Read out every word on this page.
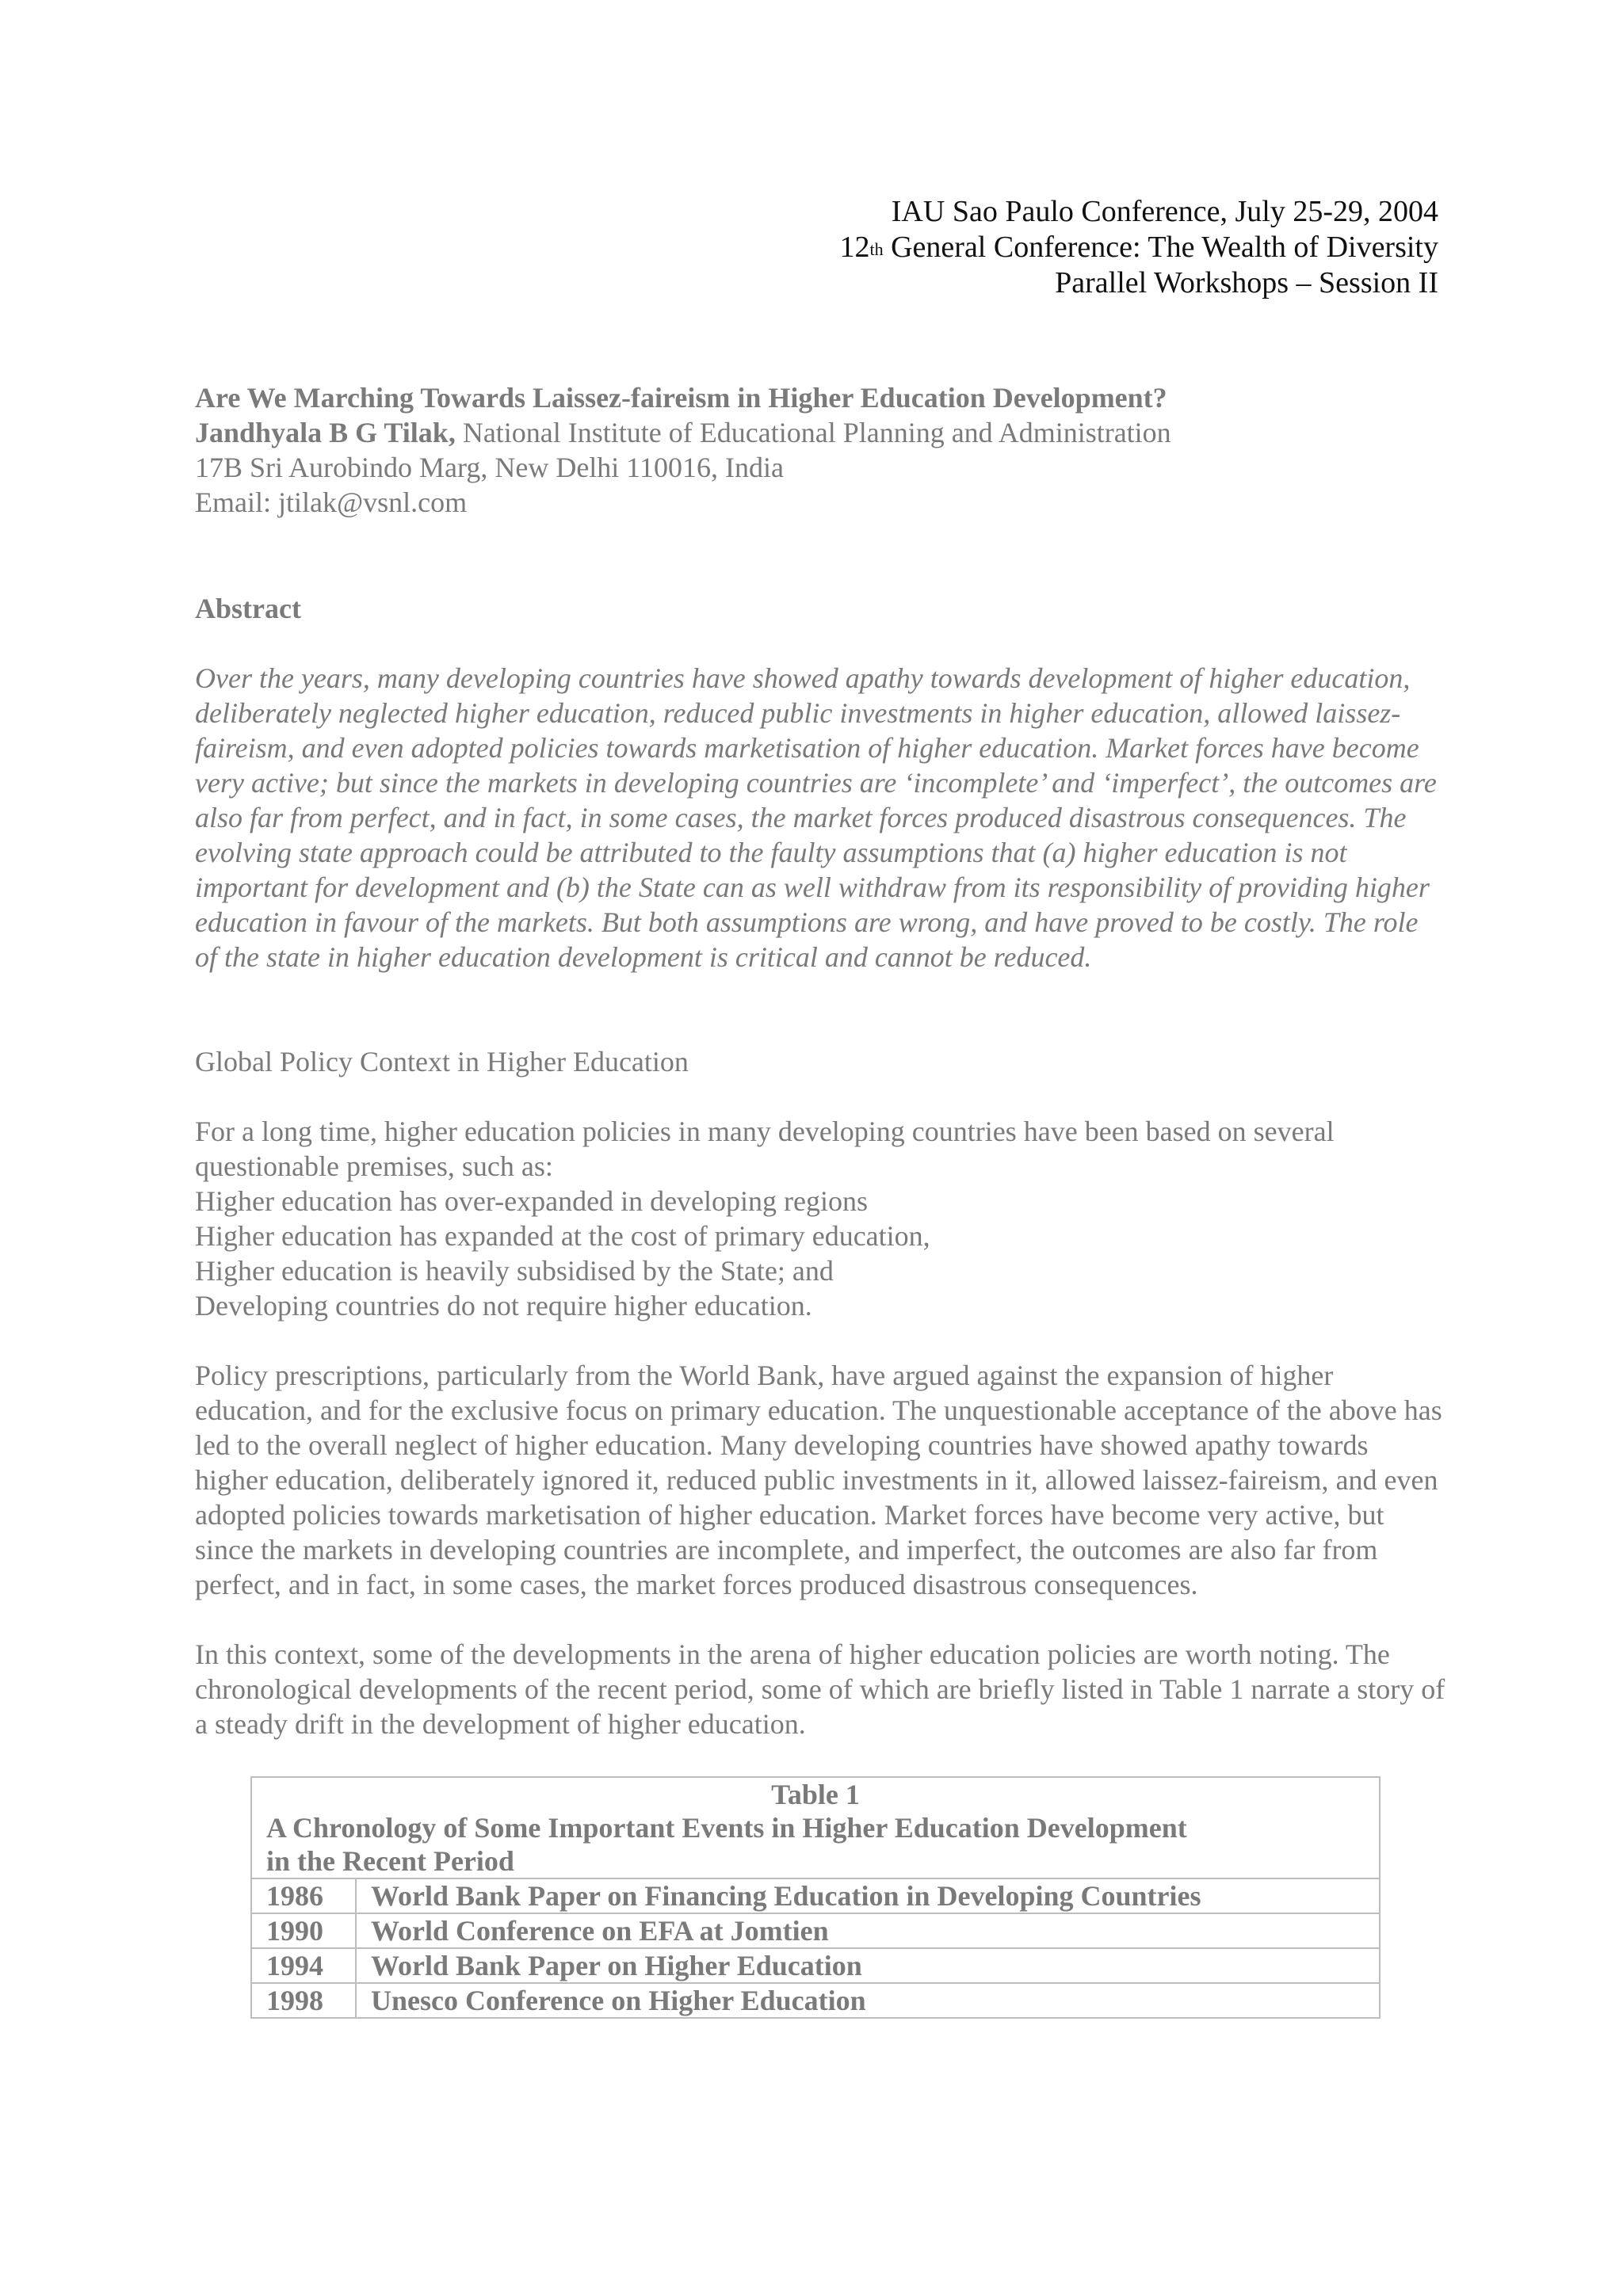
IAU Sao Paulo Conference, July 25-29, 2004
12th General Conference: The Wealth of Diversity
Parallel Workshops – Session II

Are We Marching Towards Laissez-faireism in Higher Education Development?

Jandhyala B G Tilak, National Institute of Educational Planning and Administration

17B Sri Aurobindo Marg, New Delhi 110016, India

Email: jtilak@vsnl.com

Abstract

Over the years, many developing countries have showed apathy towards development of higher education, deliberately neglected higher education, reduced public investments in higher education, allowed laissez-faireism, and even adopted policies towards marketisation of higher education. Market forces have become very active; but since the markets in developing countries are ‘incomplete’ and ‘imperfect’, the outcomes are also far from perfect, and in fact, in some cases, the market forces produced disastrous consequences. The evolving state approach could be attributed to the faulty assumptions that (a) higher education is not important for development and (b) the State can as well withdraw from its responsibility of providing higher education in favour of the markets. But both assumptions are wrong, and have proved to be costly. The role of the state in higher education development is critical and cannot be reduced.

Global Policy Context in Higher Education

For a long time, higher education policies in many developing countries have been based on several questionable premises, such as:
Higher education has over-expanded in developing regions
Higher education has expanded at the cost of primary education,
Higher education is heavily subsidised by the State; and
Developing countries do not require higher education.

Policy prescriptions, particularly from the World Bank, have argued against the expansion of higher education, and for the exclusive focus on primary education. The unquestionable acceptance of the above has led to the overall neglect of higher education. Many developing countries have showed apathy towards higher education, deliberately ignored it, reduced public investments in it, allowed laissez-faireism, and even adopted policies towards marketisation of higher education. Market forces have become very active, but since the markets in developing countries are incomplete, and imperfect, the outcomes are also far from perfect, and in fact, in some cases, the market forces produced disastrous consequences.

In this context, some of the developments in the arena of higher education policies are worth noting. The chronological developments of the recent period, some of which are briefly listed in Table 1 narrate a story of a steady drift in the development of higher education.

Table 1
A Chronology of Some Important Events in Higher Education Development
in the Recent Period	

1986	World Bank Paper on Financing Education in Developing Countries
1990	World Conference on EFA at Jomtien
1994	World Bank Paper on Higher Education
1998	Unesco Conference on Higher Education
